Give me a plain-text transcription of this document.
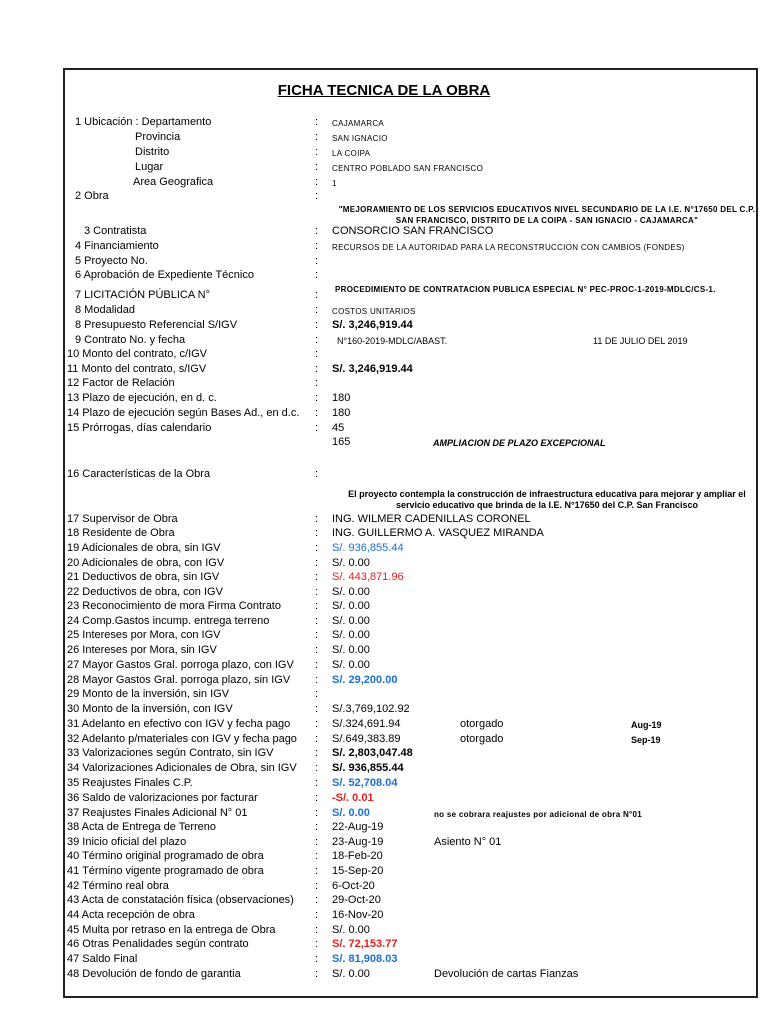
FICHA TECNICA DE LA OBRA
1 Ubicación : Departamento	: CAJAMARCA
Provincia	: SAN IGNACIO
Distrito	: LA COIPA
Lugar	: CENTRO POBLADO SAN FRANCISCO
Area Geografica	: 1
2 Obra	:
"MEJORAMIENTO DE LOS SERVICIOS EDUCATIVOS NIVEL SECUNDARIO DE LA I.E. N°17650 DEL C.P. SAN FRANCISCO, DISTRITO DE LA COIPA - SAN IGNACIO - CAJAMARCA"
3 Contratista	: CONSORCIO SAN FRANCISCO
4 Financiamiento	: RECURSOS DE LA AUTORIDAD PARA LA RECONSTRUCCION CON CAMBIOS (FONDES)
5 Proyecto No.	:
6 Aprobación de Expediente Técnico	:
7 LICITACIÓN PÚBLICA N°	: PROCEDIMIENTO DE CONTRATACION PUBLICA ESPECIAL N° PEC-PROC-1-2019-MDLC/CS-1.
8 Modalidad	: COSTOS UNITARIOS
8 Presupuesto Referencial S/IGV	: S/. 3,246,919.44
9 Contrato No. y fecha	: N°160-2019-MDLC/ABAST.	11 DE JULIO DEL 2019
10 Monto del contrato, c/IGV	:
11 Monto del contrato, s/IGV	: S/. 3,246,919.44
12 Factor de Relación	:
13 Plazo de ejecución, en d. c.	: 180
14 Plazo de ejecución según Bases Ad., en d.c. : 180
15 Prórrogas, días calendario	: 45
165	AMPLIACION DE PLAZO EXCEPCIONAL
16 Características de la Obra	:
El proyecto contempla la construcción de infraestructura educativa para mejorar y ampliar el servicio educativo que brinda de la I.E. N°17650 del C.P. San Francisco
17 Supervisor de Obra	: ING. WILMER CADENILLAS CORONEL
18 Residente de Obra	: ING. GUILLERMO A. VASQUEZ MIRANDA
19 Adicionales de obra, sin IGV	: S/. 936,855.44
20 Adicionales de obra, con IGV	: S/. 0.00
21 Deductivos de obra, sin IGV	: S/. 443,871.96
22 Deductivos de obra, con IGV	: S/. 0.00
23 Reconocimiento de mora Firma Contrato	: S/. 0.00
24 Comp.Gastos incump. entrega terreno	: S/. 0.00
25 Intereses por Mora, con IGV	: S/. 0.00
26 Intereses por Mora, sin IGV	: S/. 0.00
27 Mayor Gastos Gral. porroga plazo, con IGV : S/. 0.00
28 Mayor Gastos Gral. porroga plazo, sin IGV : S/. 29,200.00
29 Monto de la inversión, sin IGV	:
30 Monto de la inversión, con IGV	: S/.3,769,102.92
31 Adelanto en efectivo con IGV y fecha pago : S/.324,691.94	otorgado	Aug-19
32 Adelanto p/materiales con IGV y fecha pago : S/.649,383.89	otorgado	Sep-19
33 Valorizaciones según Contrato, sin IGV	: S/. 2,803,047.48
34 Valorizaciones Adicionales de Obra, sin IGV : S/. 936,855.44
35 Reajustes Finales C.P.	: S/. 52,708.04
36 Saldo de valorizaciones por facturar	: -S/. 0.01
37 Reajustes Finales Adicional N° 01	: S/. 0.00	no se cobrara reajustes por adicional de obra N°01
38 Acta de Entrega de Terreno	: 22-Aug-19
39 Inicio oficial del plazo	: 23-Aug-19	Asiento N° 01
40 Término original programado de obra	: 18-Feb-20
41 Término vigente programado de obra	: 15-Sep-20
42 Término real obra	: 6-Oct-20
43 Acta de constatación física (observaciones) : 29-Oct-20
44 Acta recepción de obra	: 16-Nov-20
45 Multa por retraso en la entrega de Obra	: S/. 0.00
46 Otras Penalidades según contrato	: S/. 72,153.77
47 Saldo Final	: S/. 81,908.03
48 Devolución de fondo de garantia	: S/. 0.00	Devolución de cartas Fianzas
